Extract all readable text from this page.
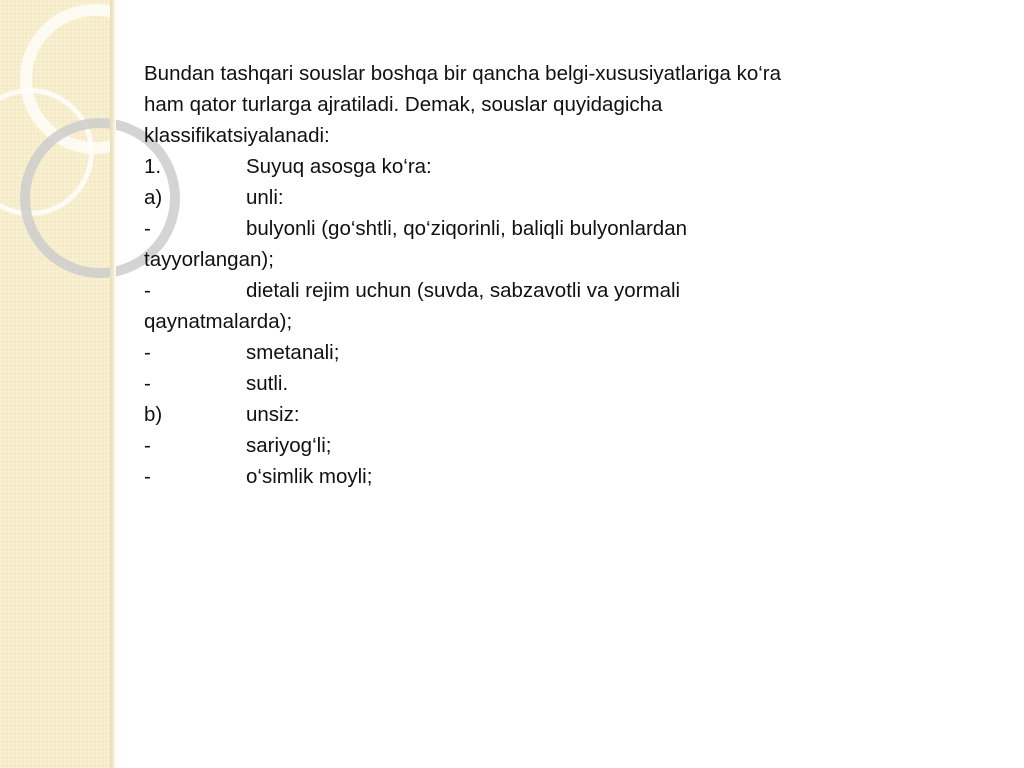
Bundan tashqari souslar boshqa bir qancha belgi-xususiyatlariga ko‘ra

ham qator turlarga ajratiladi. Demak, souslar quyidagicha

klassifikatsiyalanadi:

1.	Suyuq asosga ko‘ra:
a)	unli:
-	bulyonli (go‘shtli, qo‘ziqorinli, baliqli bulyonlardan

tayyorlangan);

-	dietali rejim uchun (suvda, sabzavotli va yormali

qaynatmalarda);

-	smetanali;
-	sutli.
b)	unsiz:
-	sariyog‘li;
-	o‘simlik moyli;
